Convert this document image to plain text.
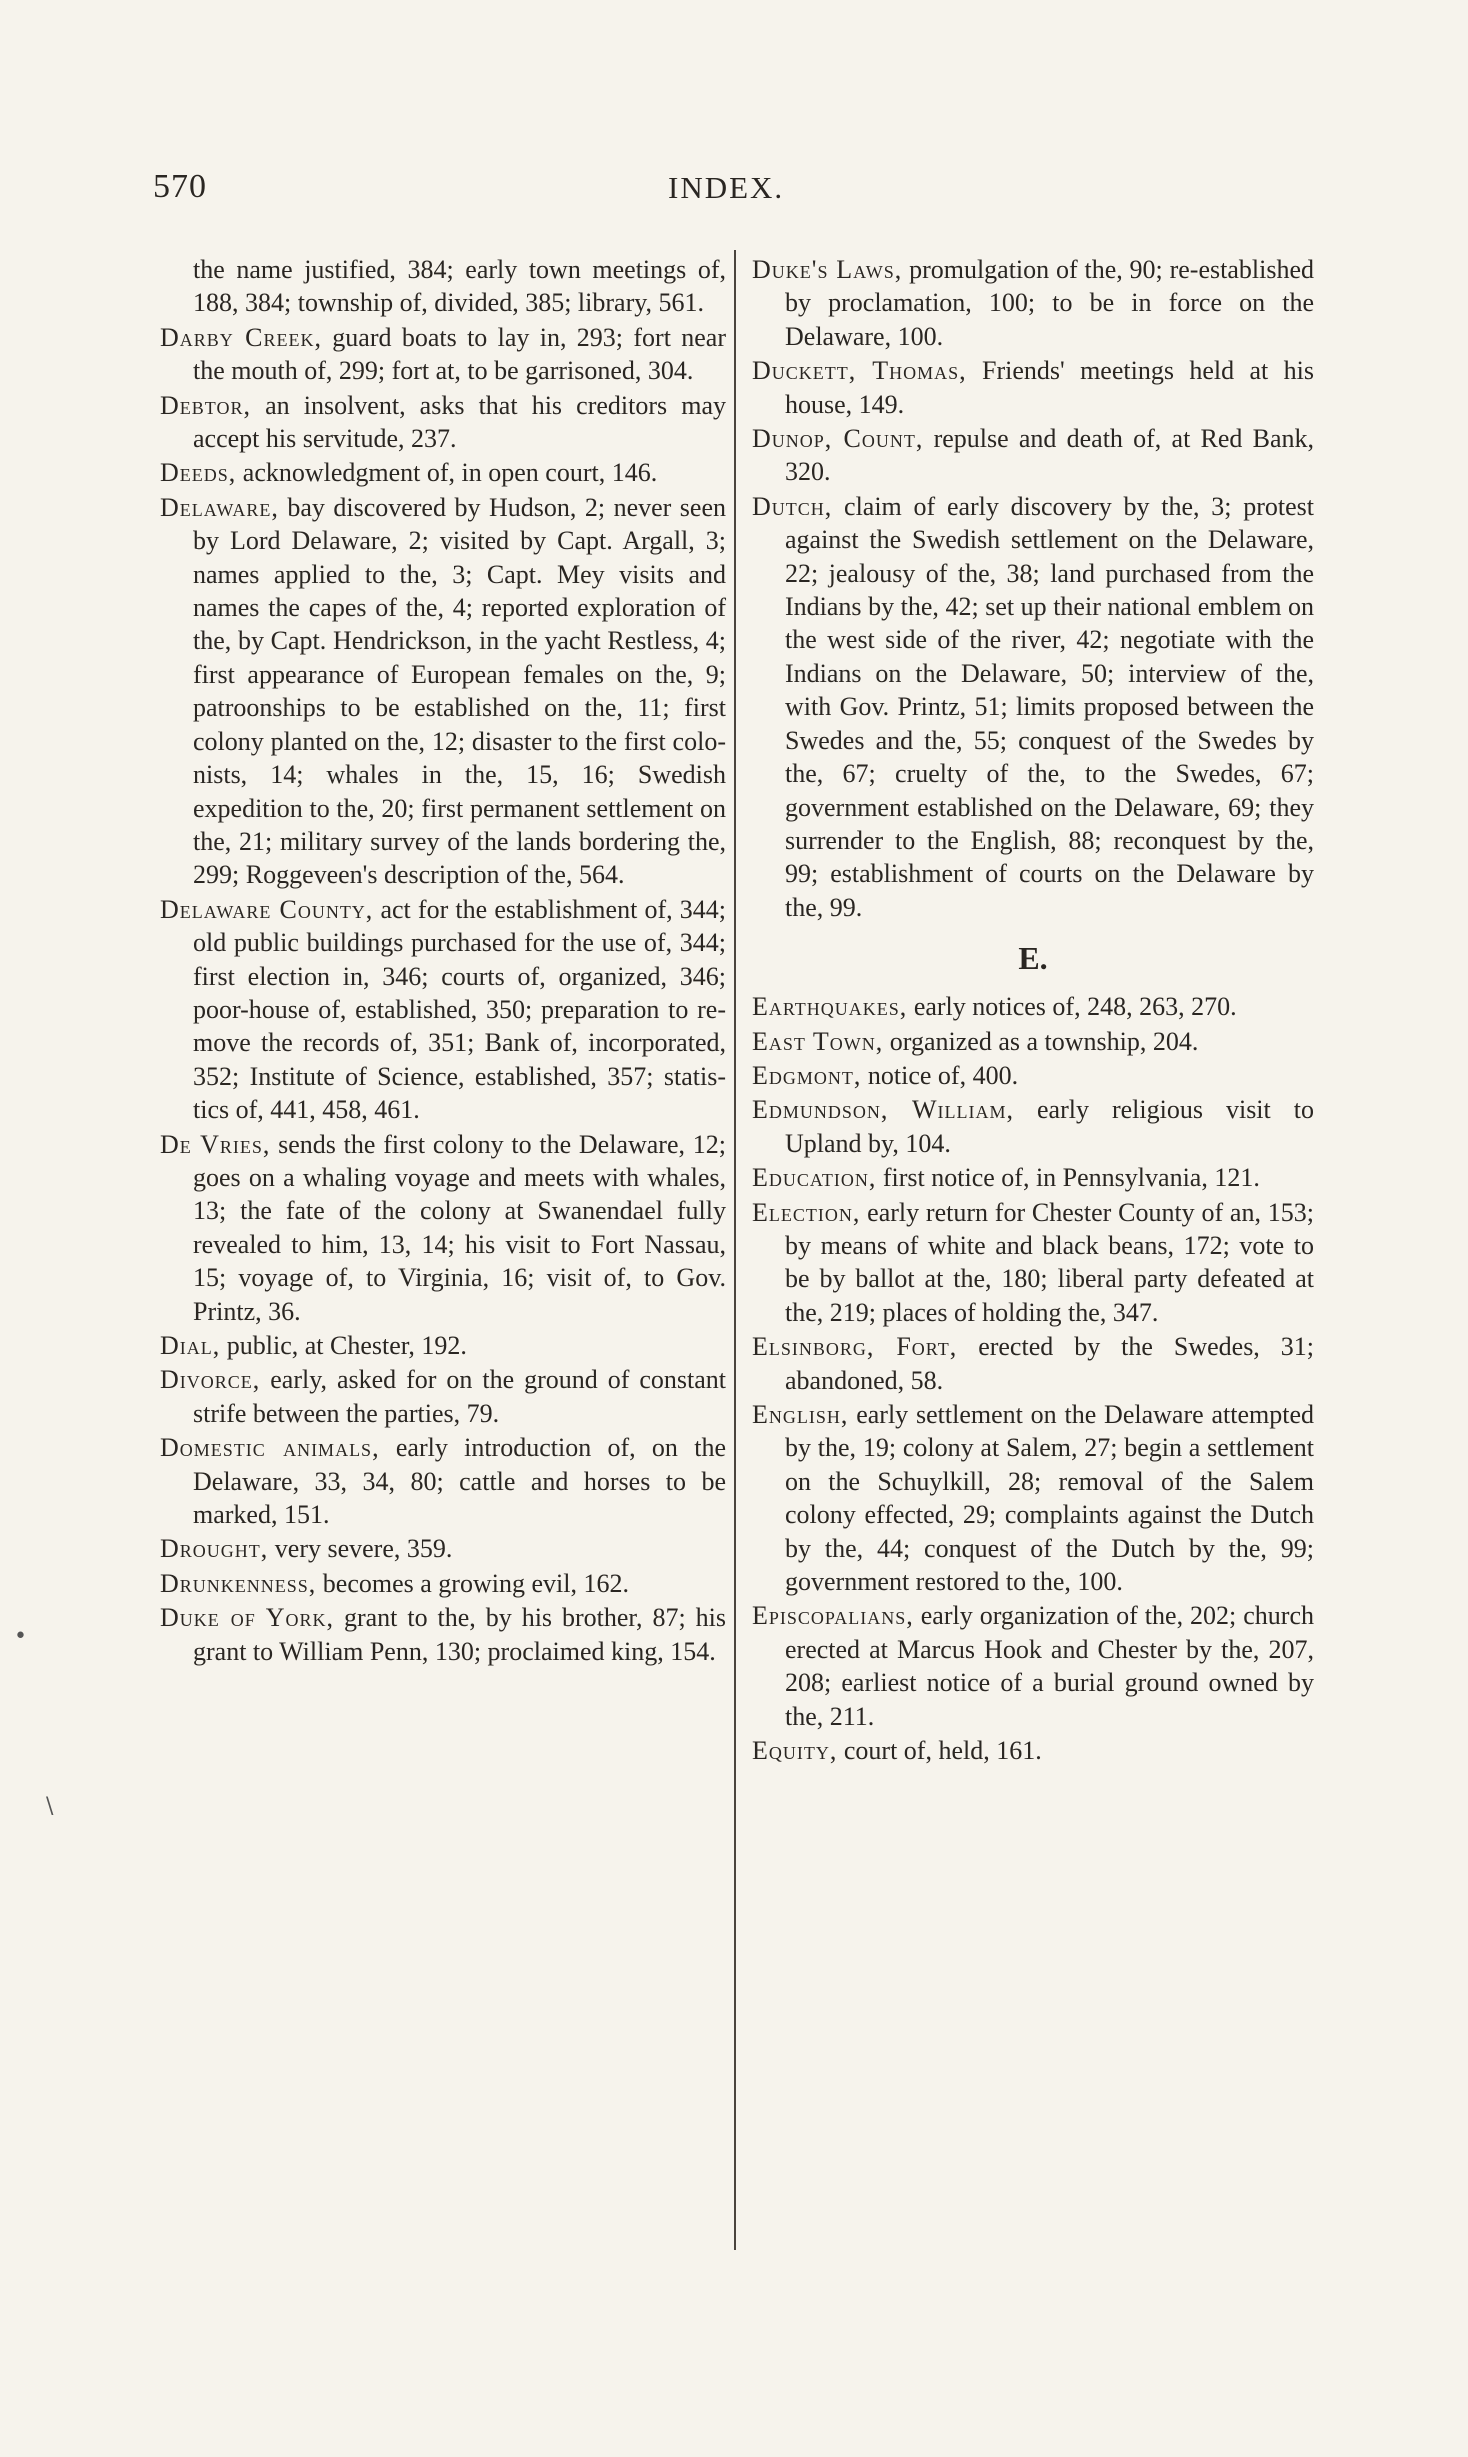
570	INDEX.
•
\

the name justified, 384; early town meetings of, 188, 384; township of, divided, 385; library, 561.

Darby Creek, guard boats to lay in, 293; fort near the mouth of, 299; fort at, to be garrisoned, 304.

Debtor, an insolvent, asks that his creditors may accept his servitude, 237.

Deeds, acknowledgment of, in open court, 146.

Delaware, bay discovered by Hudson, 2; never seen by Lord Delaware, 2; visited by Capt. Argall, 3; names applied to the, 3; Capt. Mey visits and names the capes of the, 4; reported exploration of the, by Capt. Hendrickson, in the yacht Restless, 4; first appearance of European females on the, 9; patroonships to be established on the, 11; first colony planted on the, 12; disaster to the first colonists, 14; whales in the, 15, 16; Swedish expedition to the, 20; first permanent settlement on the, 21; military survey of the lands bordering the, 299; Roggeveen's description of the, 564.

Delaware County, act for the establishment of, 344; old public buildings purchased for the use of, 344; first election in, 346; courts of, organized, 346; poor-house of, established, 350; preparation to remove the records of, 351; Bank of, incorporated, 352; Institute of Science, established, 357; statistics of, 441, 458, 461.

De Vries, sends the first colony to the Delaware, 12; goes on a whaling voyage and meets with whales, 13; the fate of the colony at Swanendael fully revealed to him, 13, 14; his visit to Fort Nassau, 15; voyage of, to Virginia, 16; visit of, to Gov. Printz, 36.

Dial, public, at Chester, 192.

Divorce, early, asked for on the ground of constant strife between the parties, 79.

Domestic animals, early introduction of, on the Delaware, 33, 34, 80; cattle and horses to be marked, 151.

Drought, very severe, 359.

Drunkenness, becomes a growing evil, 162.

Duke of York, grant to the, by his brother, 87; his grant to William Penn, 130; proclaimed king, 154.

Duke's Laws, promulgation of the, 90; re-established by proclamation, 100; to be in force on the Delaware, 100.

Duckett, Thomas, Friends' meetings held at his house, 149.

Dunop, Count, repulse and death of, at Red Bank, 320.

Dutch, claim of early discovery by the, 3; protest against the Swedish settlement on the Delaware, 22; jealousy of the, 38; land purchased from the Indians by the, 42; set up their national emblem on the west side of the river, 42; negotiate with the Indians on the Delaware, 50; interview of the, with Gov. Printz, 51; limits proposed between the Swedes and the, 55; conquest of the Swedes by the, 67; cruelty of the, to the Swedes, 67; government established on the Delaware, 69; they surrender to the English, 88; reconquest by the, 99; establishment of courts on the Delaware by the, 99.

E.

Earthquakes, early notices of, 248, 263, 270.

East Town, organized as a township, 204.

Edgmont, notice of, 400.

Edmundson, William, early religious visit to Upland by, 104.

Education, first notice of, in Pennsylvania, 121.

Election, early return for Chester County of an, 153; by means of white and black beans, 172; vote to be by ballot at the, 180; liberal party defeated at the, 219; places of holding the, 347.

Elsinborg, Fort, erected by the Swedes, 31; abandoned, 58.

English, early settlement on the Delaware attempted by the, 19; colony at Salem, 27; begin a settlement on the Schuylkill, 28; removal of the Salem colony effected, 29; complaints against the Dutch by the, 44; conquest of the Dutch by the, 99; government restored to the, 100.

Episcopalians, early organization of the, 202; church erected at Marcus Hook and Chester by the, 207, 208; earliest notice of a burial ground owned by the, 211.

Equity, court of, held, 161.
